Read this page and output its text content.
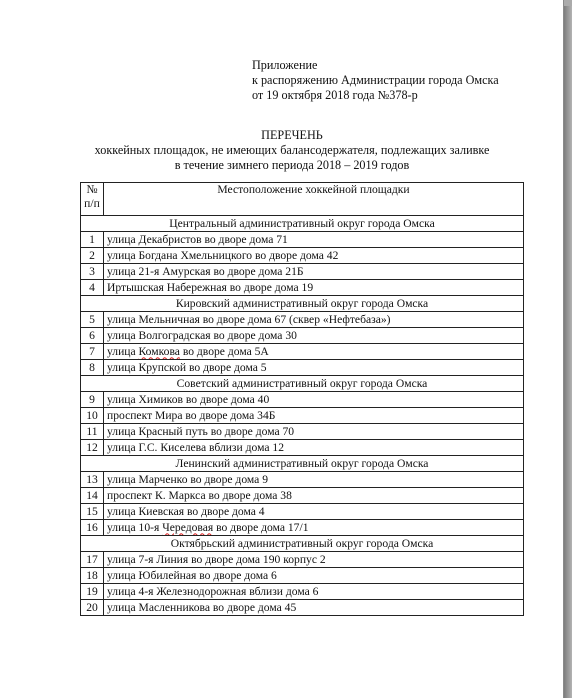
Приложение
к распоряжению Администрации города Омска
от 19 октября 2018 года №378-р
ПЕРЕЧЕНЬ
хоккейных площадок, не имеющих балансодержателя, подлежащих заливке
в течение зимнего периода 2018 – 2019 годов
№
п/п	Местоположение хоккейной площадки
Центральный административный округ города Омска	
1	улица Декабристов во дворе дома 71
2	улица Богдана Хмельницкого во дворе дома 42
3	улица 21-я Амурская во дворе дома 21Б
4	Иртышская Набережная во дворе дома 19
Кировский административный округ города Омска	
5	улица Мельничная во дворе дома 67 (сквер «Нефтебаза»)
6	улица Волгоградская во дворе дома 30
7	улица Комкова во дворе дома 5А
8	улица Крупской во дворе дома 5
Советский административный округ города Омска	
9	улица Химиков во дворе дома 40
10	проспект Мира во дворе дома 34Б
11	улица Красный путь во дворе дома 70
12	улица Г.С. Киселева вблизи дома 12
Ленинский административный округ города Омска	
13	улица Марченко во дворе дома 9
14	проспект К. Маркса во дворе дома 38
15	улица Киевская во дворе дома 4
16	улица 10-я Чередовая во дворе дома 17/1
Октябрьский административный округ города Омска	
17	улица 7-я Линия во дворе дома 190 корпус 2
18	улица Юбилейная во дворе дома 6
19	улица 4-я Железнодорожная вблизи дома 6
20	улица Масленникова во дворе дома 45
